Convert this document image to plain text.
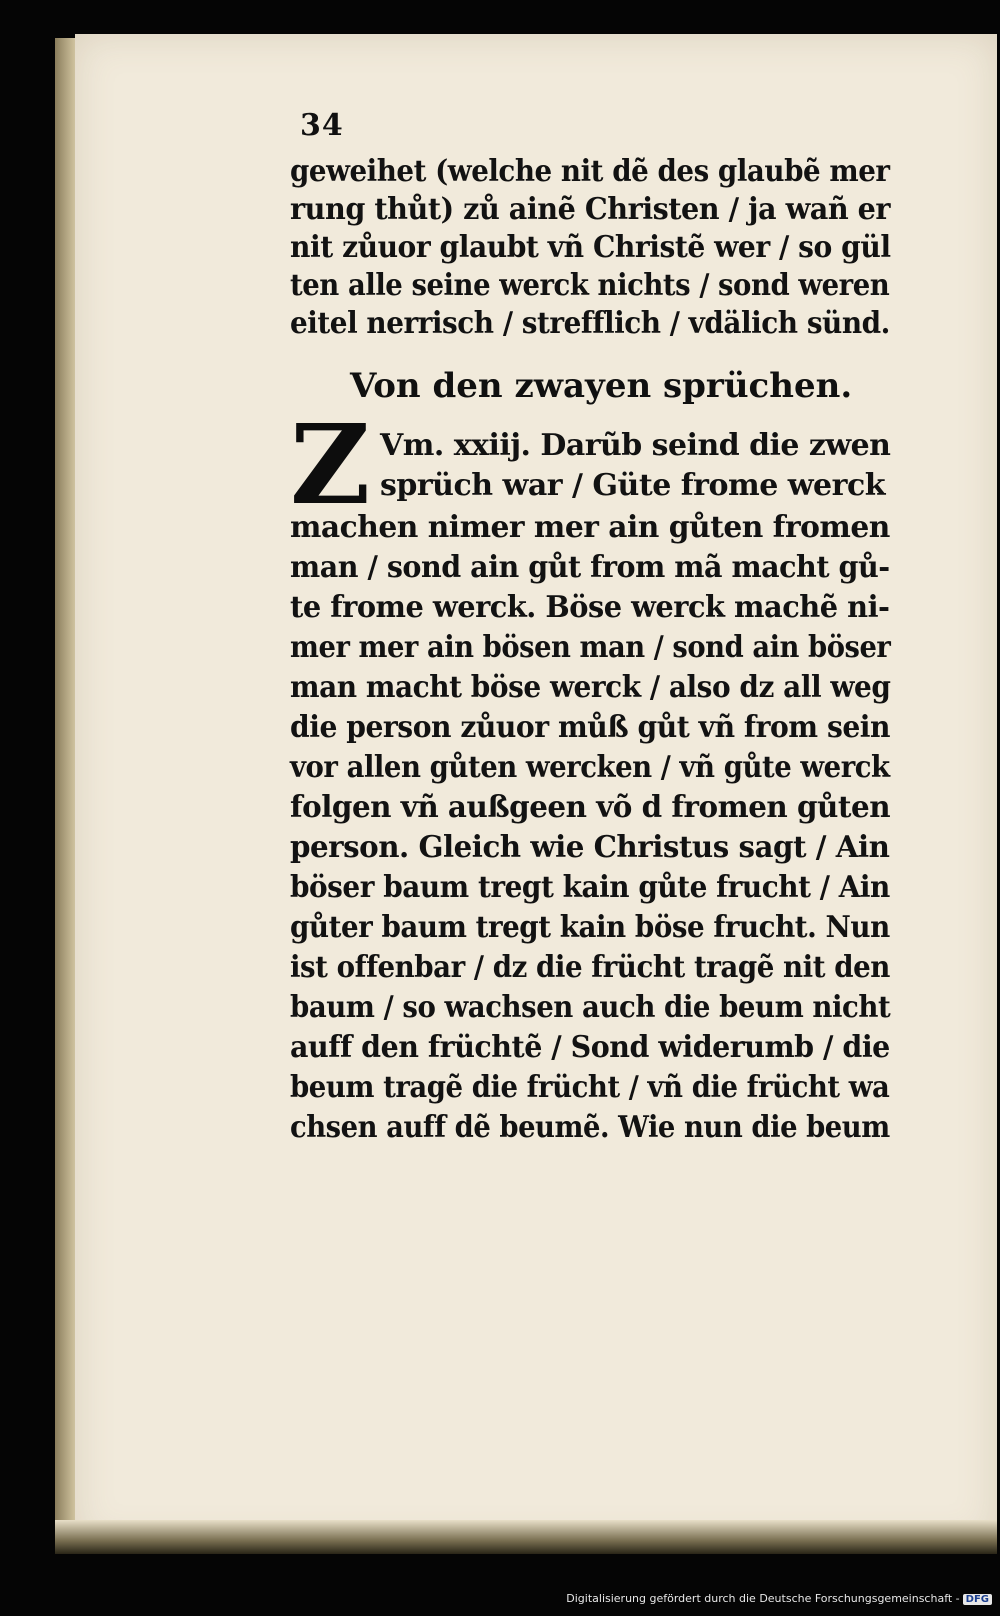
34
geweihet (welche nit dẽ des glaubẽ mer
rung thůt) zů ainẽ Christen / ja wañ er
nit zůuor glaubt vñ Christẽ wer / so gül
ten alle seine werck nichts / sond weren
eitel nerrisch / strefflich / vdälich sünd.
Von den zwayen sprüchen.
Z Vm. xxiij. Darũb seind die zwen
sprüch war / Güte frome werck
machen nimer mer ain gůten fromen
man / sond ain gůt from mã macht gů-
te frome werck. Böse werck machẽ ni-
mer mer ain bösen man / sond ain böser
man macht böse werck / also dz all weg
die person zůuor můß gůt vñ from sein
vor allen gůten wercken / vñ gůte werck
folgen vñ außgeen võ d fromen gůten
person. Gleich wie Christus sagt / Ain
böser baum tregt kain gůte frucht / Ain
gůter baum tregt kain böse frucht. Nun
ist offenbar / dz die frücht tragẽ nit den
baum / so wachsen auch die beum nicht
auff den früchtẽ / Sond widerumb / die
beum tragẽ die frücht / vñ die frücht wa
chsen auff dẽ beumẽ. Wie nun die beum
Digitalisierung gefördert durch die Deutsche Forschungsgemeinschaft - DFG
